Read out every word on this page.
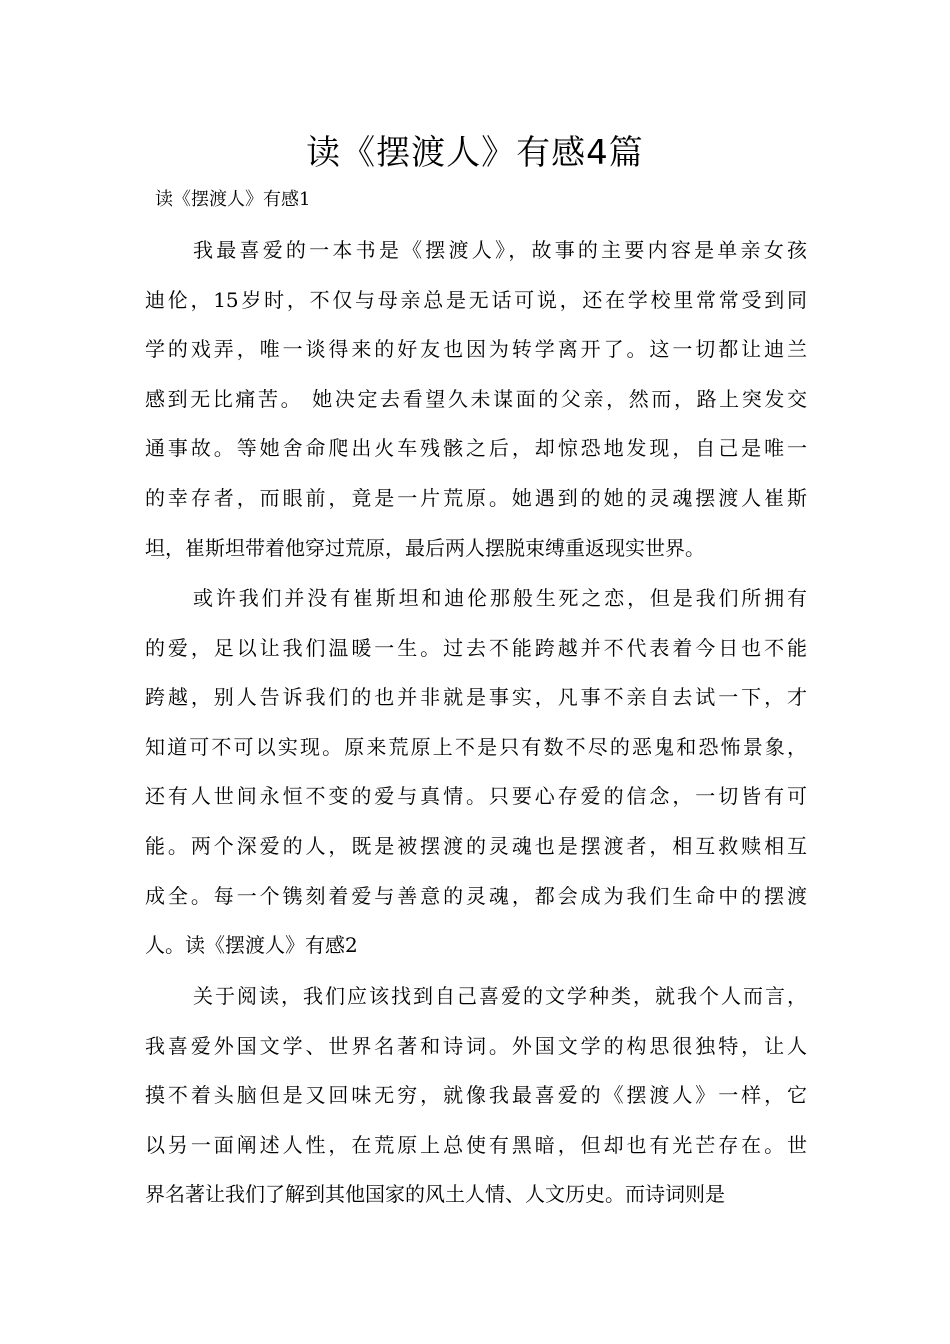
读《摆渡人》有感4篇

读《摆渡人》有感1

我最喜爱的一本书是《摆渡人》，故事的主要内容是单亲女孩
迪伦，15岁时，不仅与母亲总是无话可说，还在学校里常常受到同
学的戏弄，唯一谈得来的好友也因为转学离开了。这一切都让迪兰
感到无比痛苦。 她决定去看望久未谋面的父亲，然而，路上突发交
通事故。等她舍命爬出火车残骸之后，却惊恐地发现，自己是唯一
的幸存者，而眼前，竟是一片荒原。她遇到的她的灵魂摆渡人崔斯
坦，崔斯坦带着他穿过荒原，最后两人摆脱束缚重返现实世界。
或许我们并没有崔斯坦和迪伦那般生死之恋，但是我们所拥有
的爱，足以让我们温暖一生。过去不能跨越并不代表着今日也不能
跨越，别人告诉我们的也并非就是事实，凡事不亲自去试一下，才
知道可不可以实现。原来荒原上不是只有数不尽的恶鬼和恐怖景象，
还有人世间永恒不变的爱与真情。只要心存爱的信念，一切皆有可
能。两个深爱的人，既是被摆渡的灵魂也是摆渡者，相互救赎相互
成全。每一个镌刻着爱与善意的灵魂，都会成为我们生命中的摆渡
人。读《摆渡人》有感2
关于阅读，我们应该找到自己喜爱的文学种类，就我个人而言，
我喜爱外国文学、世界名著和诗词。外国文学的构思很独特，让人
摸不着头脑但是又回味无穷，就像我最喜爱的《摆渡人》一样，它
以另一面阐述人性，在荒原上总使有黑暗，但却也有光芒存在。世
界名著让我们了解到其他国家的风土人情、人文历史。而诗词则是
